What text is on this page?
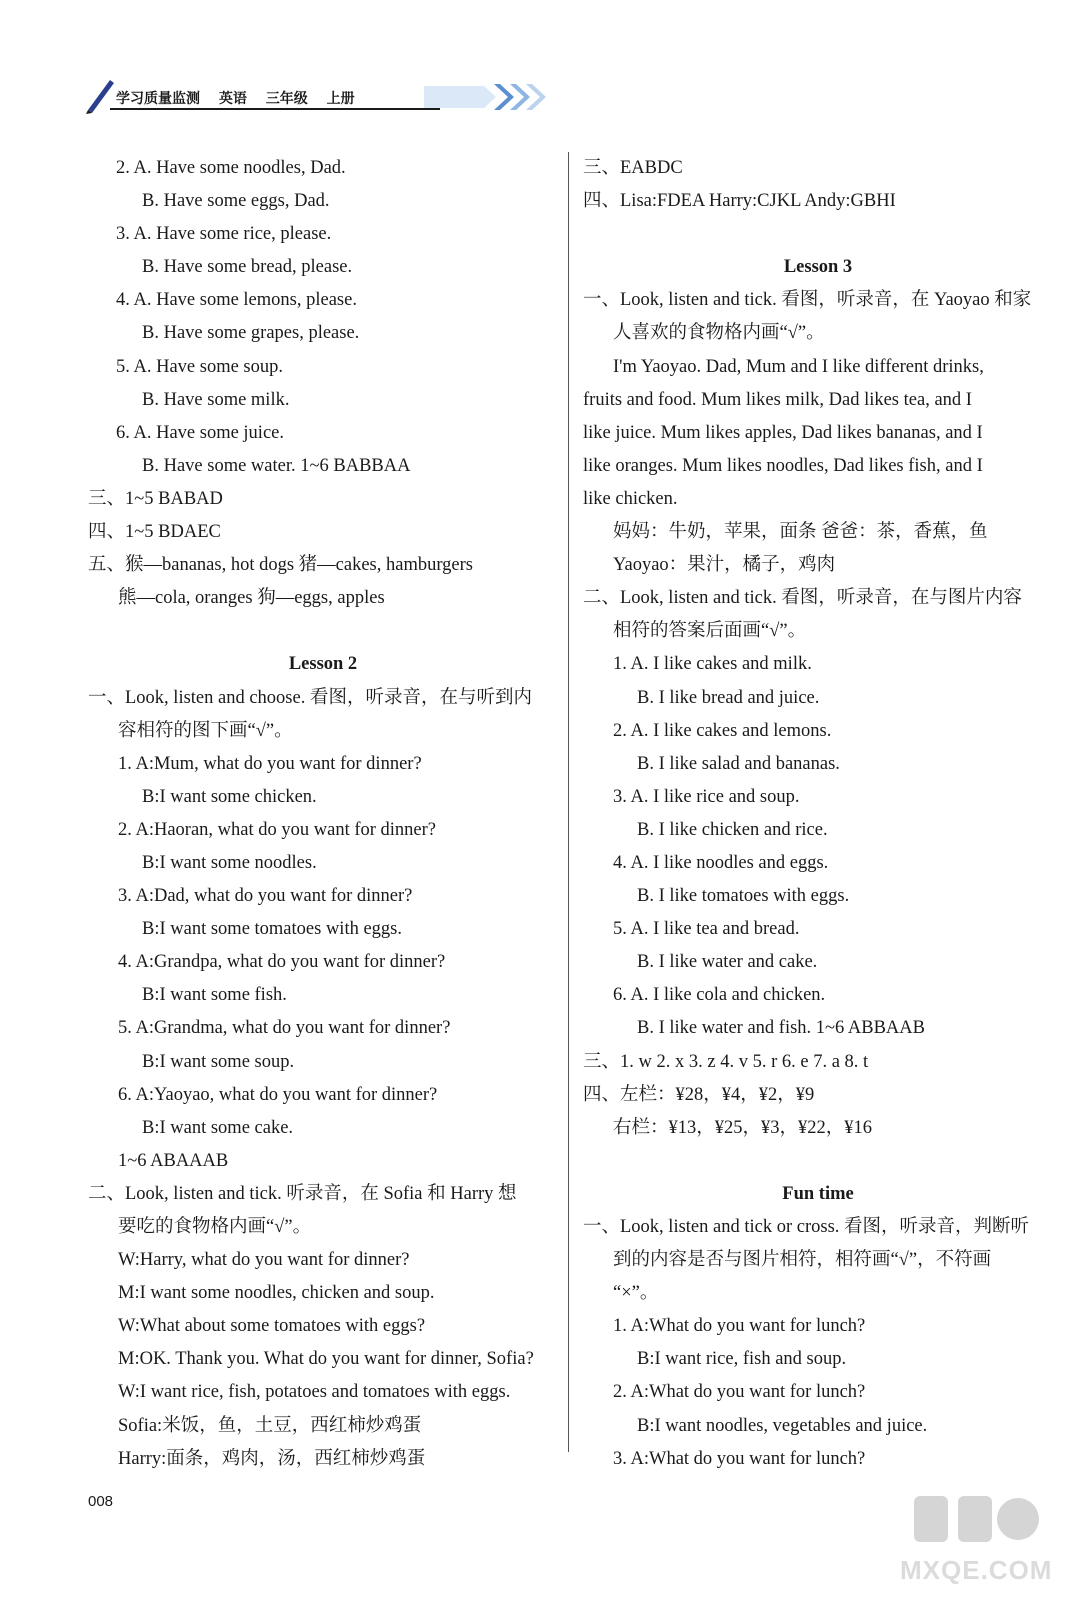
学习质量监测 英语 三年级 上册
2. A. Have some noodles, Dad.
B. Have some eggs, Dad.
3. A. Have some rice, please.
B. Have some bread, please.
4. A. Have some lemons, please.
B. Have some grapes, please.
5. A. Have some soup.
B. Have some milk.
6. A. Have some juice.
B. Have some water. 1~6 BABBAA
三、1~5 BABAD
四、1~5 BDAEC
五、猴—bananas, hot dogs 猪—cakes, hamburgers
熊—cola, oranges 狗—eggs, apples
Lesson 2
一、Look, listen and choose. 看图，听录音，在与听到内
容相符的图下画“√”。
1. A:Mum, what do you want for dinner?
B:I want some chicken.
2. A:Haoran, what do you want for dinner?
B:I want some noodles.
3. A:Dad, what do you want for dinner?
B:I want some tomatoes with eggs.
4. A:Grandpa, what do you want for dinner?
B:I want some fish.
5. A:Grandma, what do you want for dinner?
B:I want some soup.
6. A:Yaoyao, what do you want for dinner?
B:I want some cake.
1~6 ABAAAB
二、Look, listen and tick. 听录音，在 Sofia 和 Harry 想
要吃的食物格内画“√”。
W:Harry, what do you want for dinner?
M:I want some noodles, chicken and soup.
W:What about some tomatoes with eggs?
M:OK. Thank you. What do you want for dinner, Sofia?
W:I want rice, fish, potatoes and tomatoes with eggs.
Sofia:米饭，鱼，土豆，西红柿炒鸡蛋
Harry:面条，鸡肉，汤，西红柿炒鸡蛋
三、EABDC
四、Lisa:FDEA Harry:CJKL Andy:GBHI
Lesson 3
一、Look, listen and tick. 看图，听录音，在 Yaoyao 和家
人喜欢的食物格内画“√”。
I'm Yaoyao. Dad, Mum and I like different drinks,
fruits and food. Mum likes milk, Dad likes tea, and I
like juice. Mum likes apples, Dad likes bananas, and I
like oranges. Mum likes noodles, Dad likes fish, and I
like chicken.
妈妈：牛奶，苹果，面条 爸爸：茶，香蕉，鱼
Yaoyao：果汁，橘子，鸡肉
二、Look, listen and tick. 看图，听录音，在与图片内容
相符的答案后面画“√”。
1. A. I like cakes and milk.
B. I like bread and juice.
2. A. I like cakes and lemons.
B. I like salad and bananas.
3. A. I like rice and soup.
B. I like chicken and rice.
4. A. I like noodles and eggs.
B. I like tomatoes with eggs.
5. A. I like tea and bread.
B. I like water and cake.
6. A. I like cola and chicken.
B. I like water and fish. 1~6 ABBAAB
三、1. w 2. x 3. z 4. v 5. r 6. e 7. a 8. t
四、左栏：¥28，¥4，¥2，¥9
右栏：¥13，¥25，¥3，¥22，¥16
Fun time
一、Look, listen and tick or cross. 看图，听录音，判断听
到的内容是否与图片相符，相符画“√”，不符画
“×”。
1. A:What do you want for lunch?
B:I want rice, fish and soup.
2. A:What do you want for lunch?
B:I want noodles, vegetables and juice.
3. A:What do you want for lunch?
008
MXQE.COM
